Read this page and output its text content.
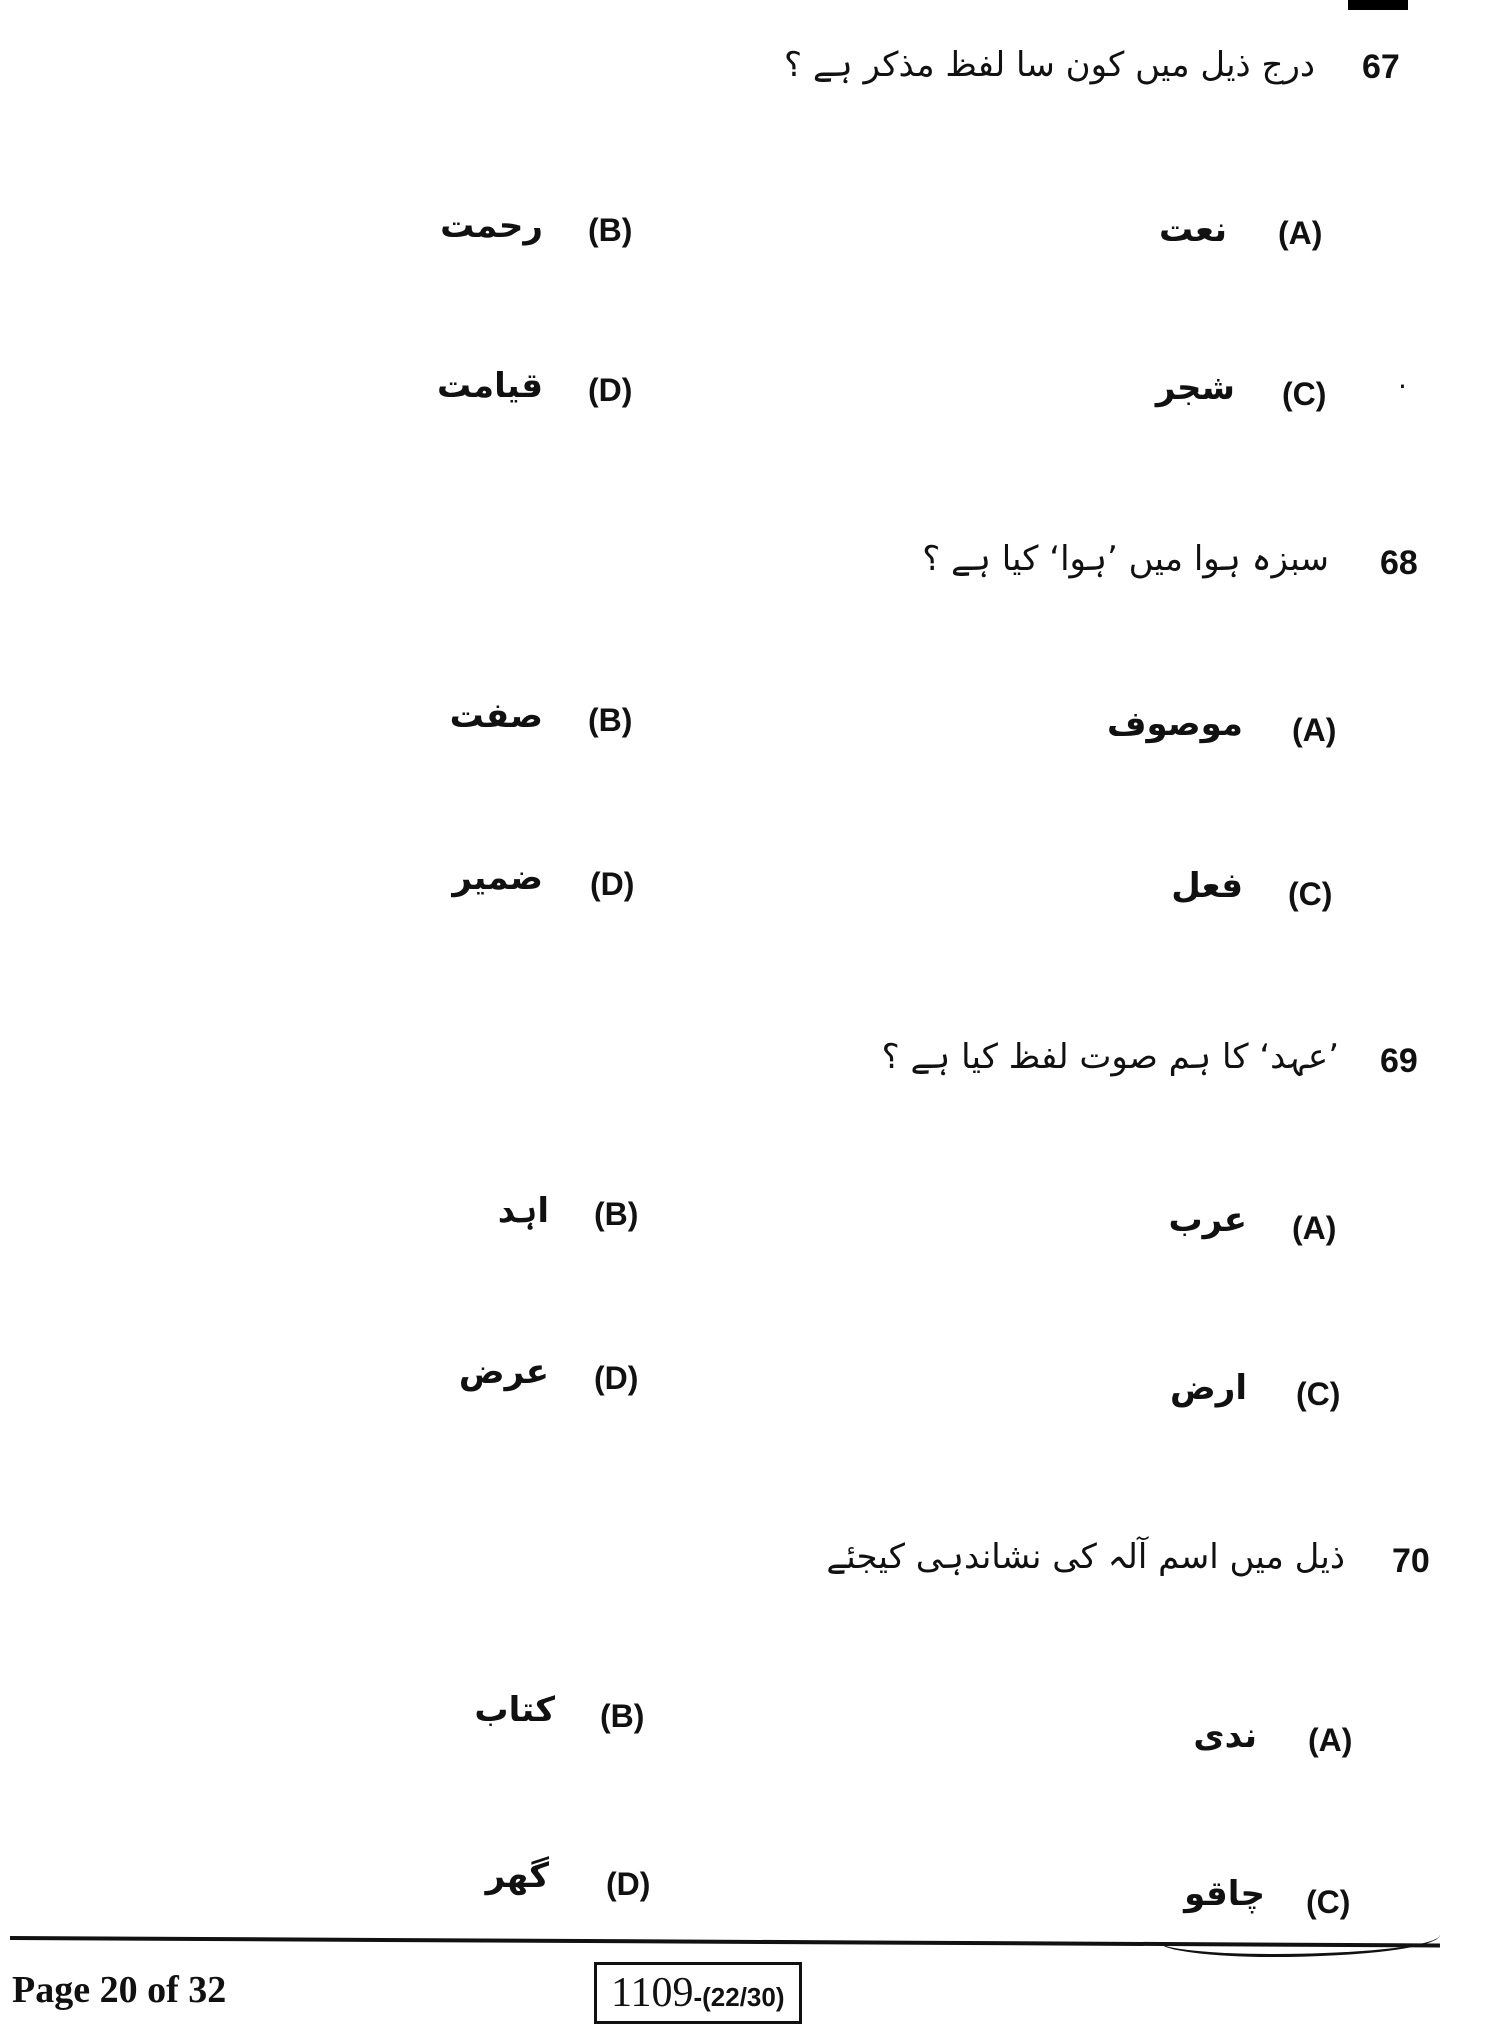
67
درج ذیل میں کون سا لفظ مذکر ہے ؟
(A)
نعت
(B)
رحمت
·
(C)
شجر
(D)
قیامت
68
سبزہ ہوا میں ’ہوا‘ کیا ہے ؟
(A)
موصوف
(B)
صفت
(C)
فعل
(D)
ضمیر
69
’عہد‘ کا ہم صوت لفظ کیا ہے ؟
(A)
عرب
(B)
اہد
(C)
ارض
(D)
عرض
70
ذیل میں اسم آلہ کی نشاندہی کیجئے
(A)
ندی
(B)
کتاب
(C)
چاقو
(D)
گھر
Page 20 of 32	1109-(22/30)
